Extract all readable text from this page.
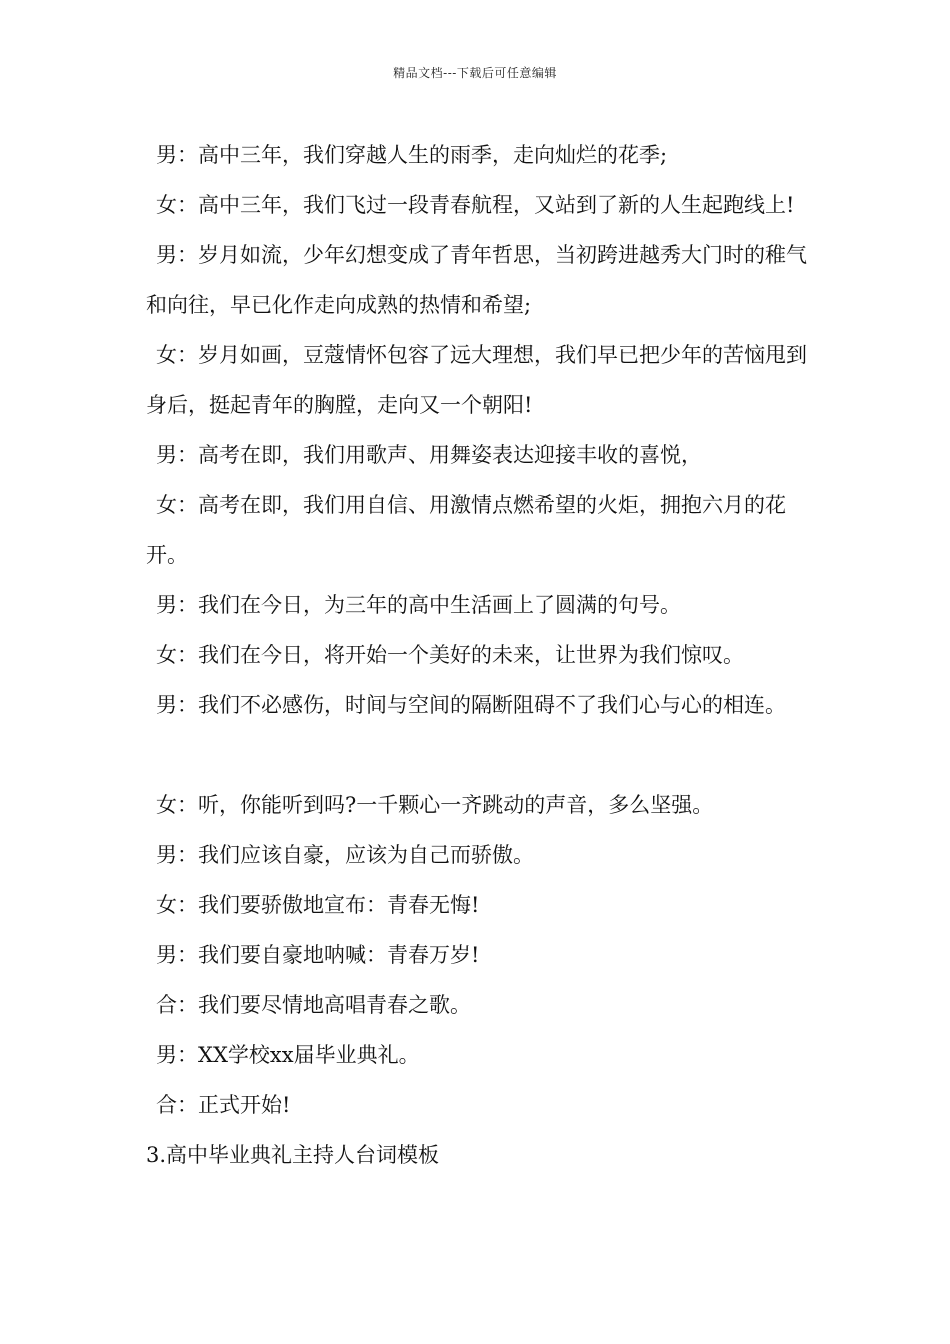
精品文档---下载后可任意编辑

男：高中三年，我们穿越人生的雨季，走向灿烂的花季;

女：高中三年，我们飞过一段青春航程，又站到了新的人生起跑线上!

男：岁月如流，少年幻想变成了青年哲思，当初跨进越秀大门时的稚气和向往，早已化作走向成熟的热情和希望;

女：岁月如画，豆蔻情怀包容了远大理想，我们早已把少年的苦恼甩到身后，挺起青年的胸膛，走向又一个朝阳!

男：高考在即，我们用歌声、用舞姿表达迎接丰收的喜悦，

女：高考在即，我们用自信、用激情点燃希望的火炬，拥抱六月的花开。

男：我们在今日，为三年的高中生活画上了圆满的句号。

女：我们在今日，将开始一个美好的未来，让世界为我们惊叹。

男：我们不必感伤，时间与空间的隔断阻碍不了我们心与心的相连。

女：听，你能听到吗?一千颗心一齐跳动的声音，多么坚强。

男：我们应该自豪，应该为自己而骄傲。

女：我们要骄傲地宣布：青春无悔!

男：我们要自豪地呐喊：青春万岁!

合：我们要尽情地高唱青春之歌。

男：XX学校xx届毕业典礼。

合：正式开始!

3.高中毕业典礼主持人台词模板
